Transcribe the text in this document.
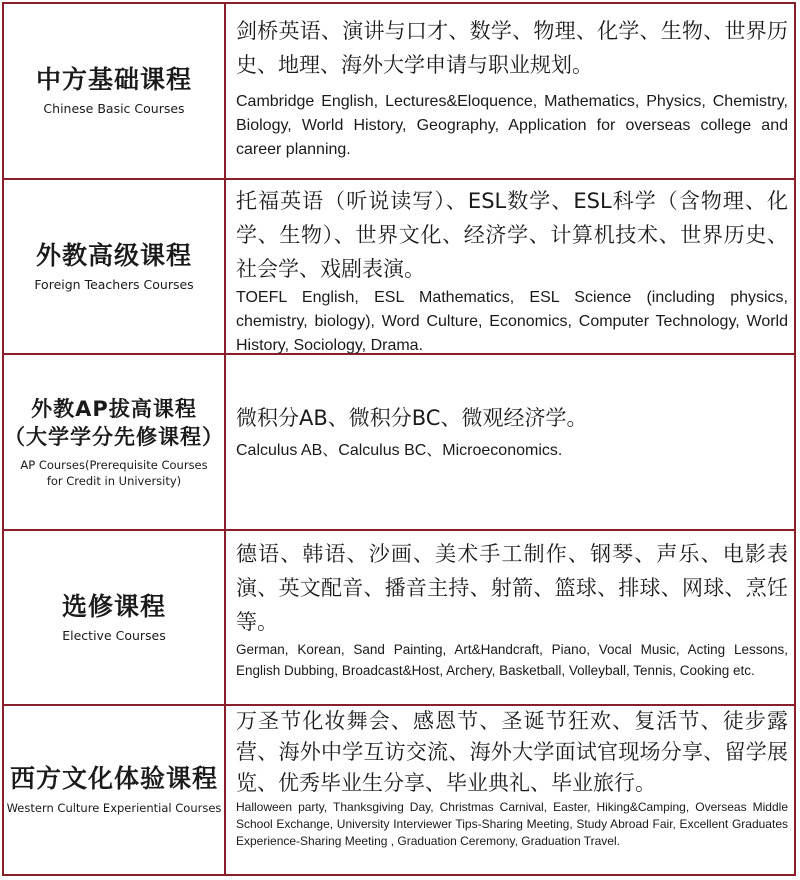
中方基础课程
Chinese Basic Courses
剑桥英语、演讲与口才、数学、物理、化学、生物、世界历史、地理、海外大学申请与职业规划。
Cambridge English, Lectures&Eloquence, Mathematics, Physics, Chemistry, Biology, World History, Geography, Application for overseas college and career planning.
外教高级课程
Foreign Teachers Courses
托福英语（听说读写）、ESL数学、ESL科学（含物理、化学、生物）、世界文化、经济学、计算机技术、世界历史、社会学、戏剧表演。
TOEFL English, ESL Mathematics, ESL Science (including physics, chemistry, biology), Word Culture, Economics, Computer Technology, World History, Sociology, Drama.
外教AP拔高课程
（大学学分先修课程）
AP Courses(Prerequisite Courses for Credit in University)
微积分AB、微积分BC、微观经济学。
Calculus AB、Calculus BC、Microeconomics.
选修课程
Elective Courses
德语、韩语、沙画、美术手工制作、钢琴、声乐、电影表演、英文配音、播音主持、射箭、篮球、排球、网球、烹饪等。
German, Korean, Sand Painting, Art&Handcraft, Piano, Vocal Music, Acting Lessons, English Dubbing, Broadcast&Host, Archery, Basketball, Volleyball, Tennis, Cooking etc.
西方文化体验课程
Western Culture Experiential Courses
万圣节化妆舞会、感恩节、圣诞节狂欢、复活节、徒步露营、海外中学互访交流、海外大学面试官现场分享、留学展览、优秀毕业生分享、毕业典礼、毕业旅行。
Halloween party, Thanksgiving Day, Christmas Carnival, Easter, Hiking&Camping, Overseas Middle School Exchange, University Interviewer Tips-Sharing Meeting, Study Abroad Fair, Excellent Graduates Experience-Sharing Meeting , Graduation Ceremony, Graduation Travel.
